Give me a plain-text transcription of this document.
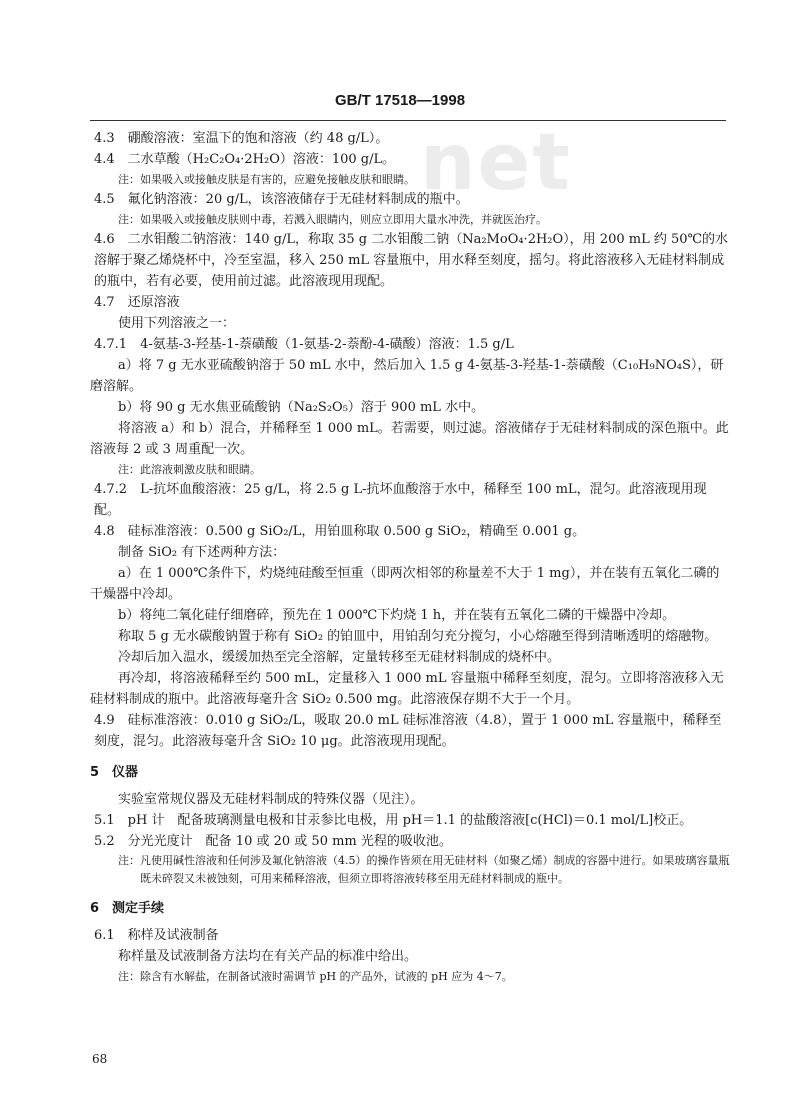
net
GB/T 17518—1998

4.3　硼酸溶液：室温下的饱和溶液（约 48 g/L）。

4.4　二水草酸（H₂C₂O₄·2H₂O）溶液：100 g/L。

注：如果吸入或接触皮肤是有害的，应避免接触皮肤和眼睛。

4.5　氟化钠溶液：20 g/L，该溶液储存于无硅材料制成的瓶中。

注：如果吸入或接触皮肤则中毒，若溅入眼睛内，则应立即用大量水冲洗，并就医治疗。

4.6　二水钼酸二钠溶液：140 g/L，称取 35 g 二水钼酸二钠（Na₂MoO₄·2H₂O），用 200 mL 约 50℃的水溶解于聚乙烯烧杯中，冷至室温，移入 250 mL 容量瓶中，用水释至刻度，摇匀。将此溶液移入无硅材料制成的瓶中，若有必要，使用前过滤。此溶液现用现配。

4.7　还原溶液

使用下列溶液之一：

4.7.1　4-氨基-3-羟基-1-萘磺酸（1-氨基-2-萘酚-4-磺酸）溶液：1.5 g/L

a）将 7 g 无水亚硫酸钠溶于 50 mL 水中，然后加入 1.5 g 4-氨基-3-羟基-1-萘磺酸（C₁₀H₉NO₄S），研磨溶解。

b）将 90 g 无水焦亚硫酸钠（Na₂S₂O₅）溶于 900 mL 水中。

将溶液 a）和 b）混合，并稀释至 1 000 mL。若需要，则过滤。溶液储存于无硅材料制成的深色瓶中。此溶液每 2 或 3 周重配一次。

注：此溶液刺激皮肤和眼睛。

4.7.2　L-抗坏血酸溶液：25 g/L，将 2.5 g L-抗坏血酸溶于水中，稀释至 100 mL，混匀。此溶液现用现配。

4.8　硅标准溶液：0.500 g SiO₂/L，用铂皿称取 0.500 g SiO₂，精确至 0.001 g。

制备 SiO₂ 有下述两种方法：

a）在 1 000℃条件下，灼烧纯硅酸至恒重（即两次相邻的称量差不大于 1 mg），并在装有五氧化二磷的干燥器中冷却。

b）将纯二氧化硅仔细磨碎，预先在 1 000℃下灼烧 1 h，并在装有五氧化二磷的干燥器中冷却。

称取 5 g 无水碳酸钠置于称有 SiO₂ 的铂皿中，用铂刮匀充分搅匀，小心熔融至得到清晰透明的熔融物。

冷却后加入温水，缓缓加热至完全溶解，定量转移至无硅材料制成的烧杯中。

再冷却，将溶液稀释至约 500 mL，定量移入 1 000 mL 容量瓶中稀释至刻度，混匀。立即将溶液移入无硅材料制成的瓶中。此溶液每毫升含 SiO₂ 0.500 mg。此溶液保存期不大于一个月。

4.9　硅标准溶液：0.010 g SiO₂/L，吸取 20.0 mL 硅标准溶液（4.8），置于 1 000 mL 容量瓶中，稀释至刻度，混匀。此溶液每毫升含 SiO₂ 10 μg。此溶液现用现配。

5　仪器

实验室常规仪器及无硅材料制成的特殊仪器（见注）。

5.1　pH 计　配备玻璃测量电极和甘汞参比电极，用 pH＝1.1 的盐酸溶液[c(HCl)＝0.1 mol/L]校正。

5.2　分光光度计　配备 10 或 20 或 50 mm 光程的吸收池。

注：凡使用碱性溶液和任何涉及氟化钠溶液（4.5）的操作皆须在用无硅材料（如聚乙烯）制成的容器中进行。如果玻璃容量瓶既未碎裂又未被蚀刻，可用来稀释溶液，但须立即将溶液转移至用无硅材料制成的瓶中。

6　测定手续

6.1　称样及试液制备

称样量及试液制备方法均在有关产品的标准中给出。

注：除含有水解盐，在制备试液时需调节 pH 的产品外，试液的 pH 应为 4～7。

68
